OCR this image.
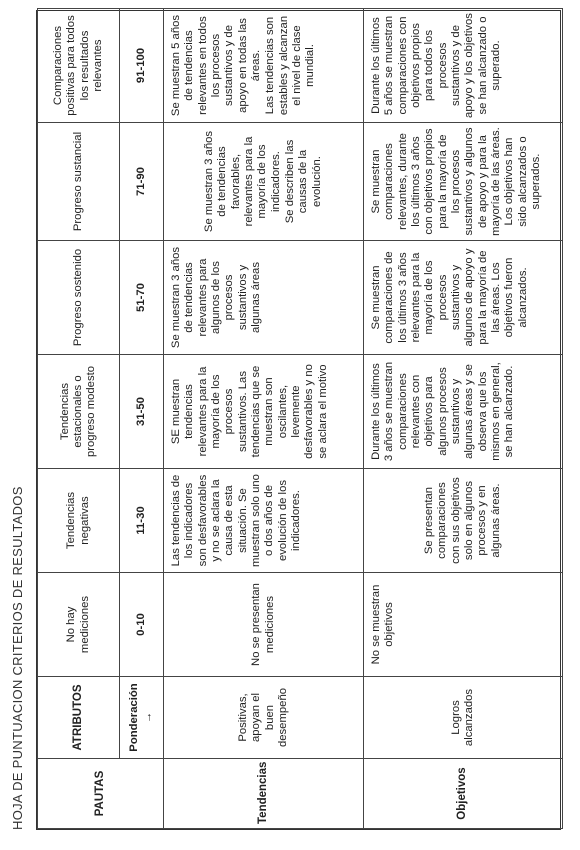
HOJA DE PUNTUACION CRITERIOS DE RESULTADOS	PAUTAS	ATRIBUTOS	No hay mediciones	Tendencias negativas	Tendencias estacionales o progreso modesto	Progreso sostenido	Progreso sustancial	Comparaciones positivas para todos los resultados relevantes

	Ponderación →	0-10	11-30	31-50	51-70	71-90	91-100
Tendencias	Positivas, apoyan el buen desempeño	No se presentan mediciones	Las tendencias de los indicadores son desfavorables y no se aclara la causa de esta situación. Se muestran solo uno o dos años de evolución de los indicadores.	SE muestran tendencias relevantes para la mayoría de los procesos sustantivos. Las tendencias que se muestran son oscilantes, levemente desfavorables y no se aclara el motivo	Se muestran 3 años de tendencias relevantes para algunos de los procesos sustantivos y algunas áreas	Se muestran 3 años de tendencias favorables, relevantes para la mayoría de los indicadores. Se describen las causas de la evolución.	Se muestran 5 años de tendencias relevantes en todos los procesos sustantivos y de apoyo en todas las áreas. Las tendencias son estables y alcanzan el nivel de clase mundial.

Objetivos	Logros alcanzados	No se muestran objetivos	Se presentan comparaciones con sus objetivos solo en algunos procesos y en algunas áreas.	Durante los últimos 3 años se muestran comparaciones relevantes con objetivos para algunos procesos sustantivos y algunas áreas y se observa que los mismos en general, se han alcanzado.	Se muestran comparaciones de los últimos 3 años relevantes para la mayoría de los procesos sustantivos y algunos de apoyo y para la mayoría de las áreas. Los objetivos fueron alcanzados.	Se muestran comparaciones relevantes, durante los últimos 3 años con objetivos propios para la mayoría de los procesos sustantivos y algunos de apoyo y para la mayoría de las áreas. Los objetivos han sido alcanzados o superados.	Durante los últimos 5 años se muestran comparaciones con objetivos propios para todos los procesos sustantivos y de apoyo y los objetivos se han alcanzado o superado.
